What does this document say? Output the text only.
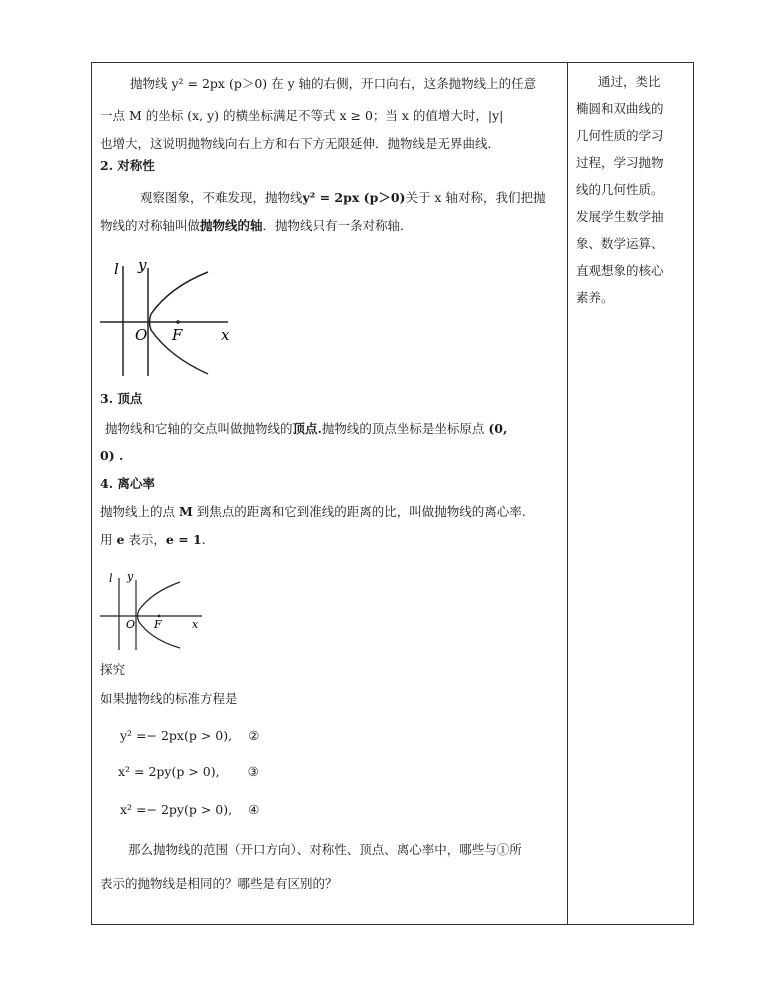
抛物线 y² = 2px (p＞0) 在 y 轴的右侧，开口向右，这条抛物线上的任意
一点 M 的坐标 (x, y) 的横坐标满足不等式 x ≥ 0；当 x 的值增大时，|y|
也增大，这说明抛物线向右上方和右下方无限延伸．抛物线是无界曲线．
2. 对称性
观察图象，不难发现，抛物线y² = 2px (p＞0)关于 x 轴对称，我们把抛
物线的对称轴叫做抛物线的轴．抛物线只有一条对称轴．
3. 顶点
抛物线和它轴的交点叫做抛物线的顶点.抛物线的顶点坐标是坐标原点 (0,
0) .
4. 离心率
抛物线上的点 M 到焦点的距离和它到准线的距离的比，叫做抛物线的离心率.
用 e 表示，e = 1.
探究
如果抛物线的标准方程是
y² =− 2px(p > 0), ②
x² = 2py(p > 0), ③
x² =− 2py(p > 0), ④
那么抛物线的范围（开口方向）、对称性、顶点、离心率中，哪些与①所
表示的抛物线是相同的？哪些是有区别的？
l y
O F	x
l y
O F	x
通过，类比
椭圆和双曲线的
几何性质的学习
过程，学习抛物
线的几何性质。
发展学生数学抽
象、数学运算、
直观想象的核心
素养。
